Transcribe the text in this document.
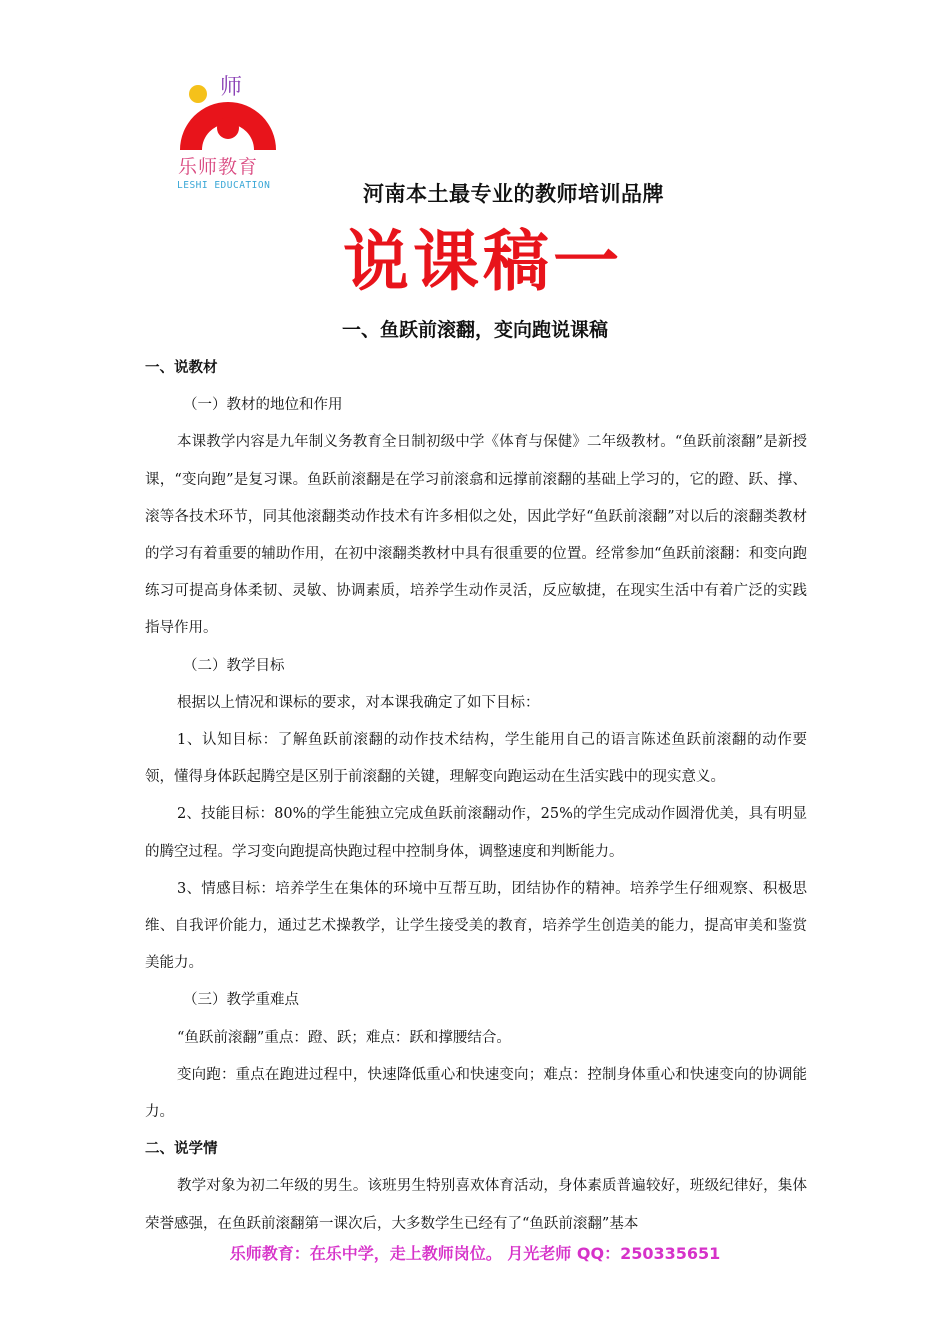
师
乐师教育
LESHI EDUCATION	河南本土最专业的教师培训品牌
说课稿一
一、鱼跃前滚翻，变向跑说课稿

一、说教材

（一）教材的地位和作用

本课教学内容是九年制义务教育全日制初级中学《体育与保健》二年级教材。“鱼跃前滚翻”是新授课，“变向跑”是复习课。鱼跃前滚翻是在学习前滚翕和远撑前滚翻的基础上学习的，它的蹬、跃、撑、滚等各技术环节，同其他滚翻类动作技术有许多相似之处，因此学好“鱼跃前滚翻”对以后的滚翻类教材的学习有着重要的辅助作用，在初中滚翻类教材中具有很重要的位置。经常参加“鱼跃前滚翻：和变向跑练习可提高身体柔韧、灵敏、协调素质，培养学生动作灵活，反应敏捷，在现实生活中有着广泛的实践指导作用。

（二）教学目标

根据以上情况和课标的要求，对本课我确定了如下目标：

1、认知目标：了解鱼跃前滚翻的动作技术结构，学生能用自己的语言陈述鱼跃前滚翻的动作要领，懂得身体跃起腾空是区别于前滚翻的关键，理解变向跑运动在生活实践中的现实意义。

2、技能目标：80%的学生能独立完成鱼跃前滚翻动作，25%的学生完成动作圆滑优美，具有明显的腾空过程。学习变向跑提高快跑过程中控制身体，调整速度和判断能力。

3、情感目标：培养学生在集体的环境中互帮互助，团结协作的精神。培养学生仔细观察、积极思维、自我评价能力，通过艺术操教学，让学生接受美的教育，培养学生创造美的能力，提高审美和鉴赏美能力。

（三）教学重难点

“鱼跃前滚翻”重点：蹬、跃；难点：跃和撑腰结合。

变向跑：重点在跑进过程中，快速降低重心和快速变向；难点：控制身体重心和快速变向的协调能力。

二、说学情

教学对象为初二年级的男生。该班男生特别喜欢体育活动，身体素质普遍较好，班级纪律好，集体荣誉感强，在鱼跃前滚翻第一课次后，大多数学生已经有了“鱼跃前滚翻”基本

乐师教育：在乐中学，走上教师岗位。 月光老师 QQ：250335651
